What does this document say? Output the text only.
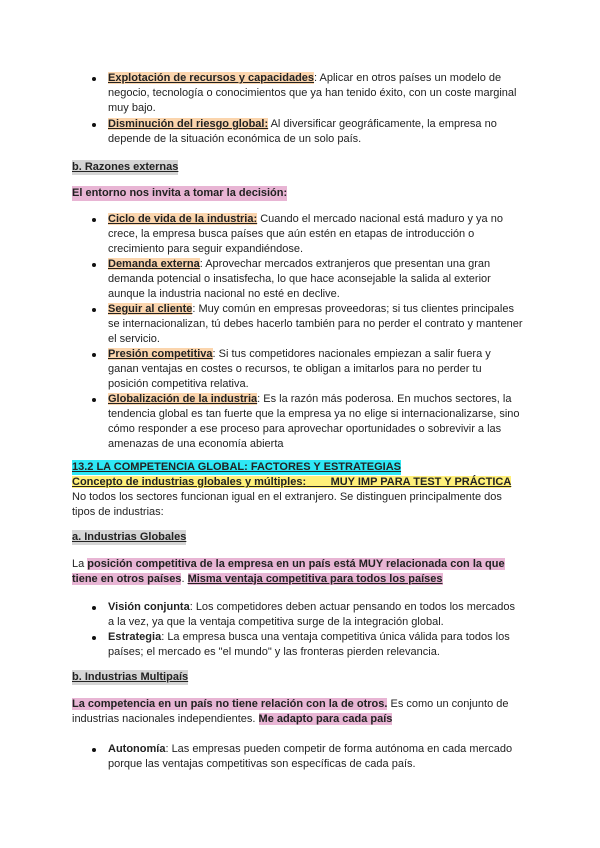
Explotación de recursos y capacidades: Aplicar en otros países un modelo de
negocio, tecnología o conocimientos que ya han tenido éxito, con un coste marginal
muy bajo.
Disminución del riesgo global: Al diversificar geográficamente, la empresa no
depende de la situación económica de un solo país.
b. Razones externas
El entorno nos invita a tomar la decisión:
Ciclo de vida de la industria: Cuando el mercado nacional está maduro y ya no
crece, la empresa busca países que aún estén en etapas de introducción o
crecimiento para seguir expandiéndose.
Demanda externa: Aprovechar mercados extranjeros que presentan una gran
demanda potencial o insatisfecha, lo que hace aconsejable la salida al exterior
aunque la industria nacional no esté en declive.
Seguir al cliente: Muy común en empresas proveedoras; si tus clientes principales
se internacionalizan, tú debes hacerlo también para no perder el contrato y mantener
el servicio.
Presión competitiva: Si tus competidores nacionales empiezan a salir fuera y
ganan ventajas en costes o recursos, te obligan a imitarlos para no perder tu
posición competitiva relativa.
Globalización de la industria: Es la razón más poderosa. En muchos sectores, la
tendencia global es tan fuerte que la empresa ya no elige si internacionalizarse, sino
cómo responder a ese proceso para aprovechar oportunidades o sobrevivir a las
amenazas de una economía abierta
13.2 LA COMPETENCIA GLOBAL: FACTORES Y ESTRATEGIAS
Concepto de industrias globales y múltiples: MUY IMP PARA TEST Y PRÁCTICA
No todos los sectores funcionan igual en el extranjero. Se distinguen principalmente dos
tipos de industrias:
a. Industrias Globales
La posición competitiva de la empresa en un país está MUY relacionada con la que
tiene en otros países. Misma ventaja competitiva para todos los países
Visión conjunta: Los competidores deben actuar pensando en todos los mercados
a la vez, ya que la ventaja competitiva surge de la integración global.
Estrategia: La empresa busca una ventaja competitiva única válida para todos los
países; el mercado es "el mundo" y las fronteras pierden relevancia.
b. Industrias Multipaís
La competencia en un país no tiene relación con la de otros. Es como un conjunto de
industrias nacionales independientes. Me adapto para cada país
Autonomía: Las empresas pueden competir de forma autónoma en cada mercado
porque las ventajas competitivas son específicas de cada país.
